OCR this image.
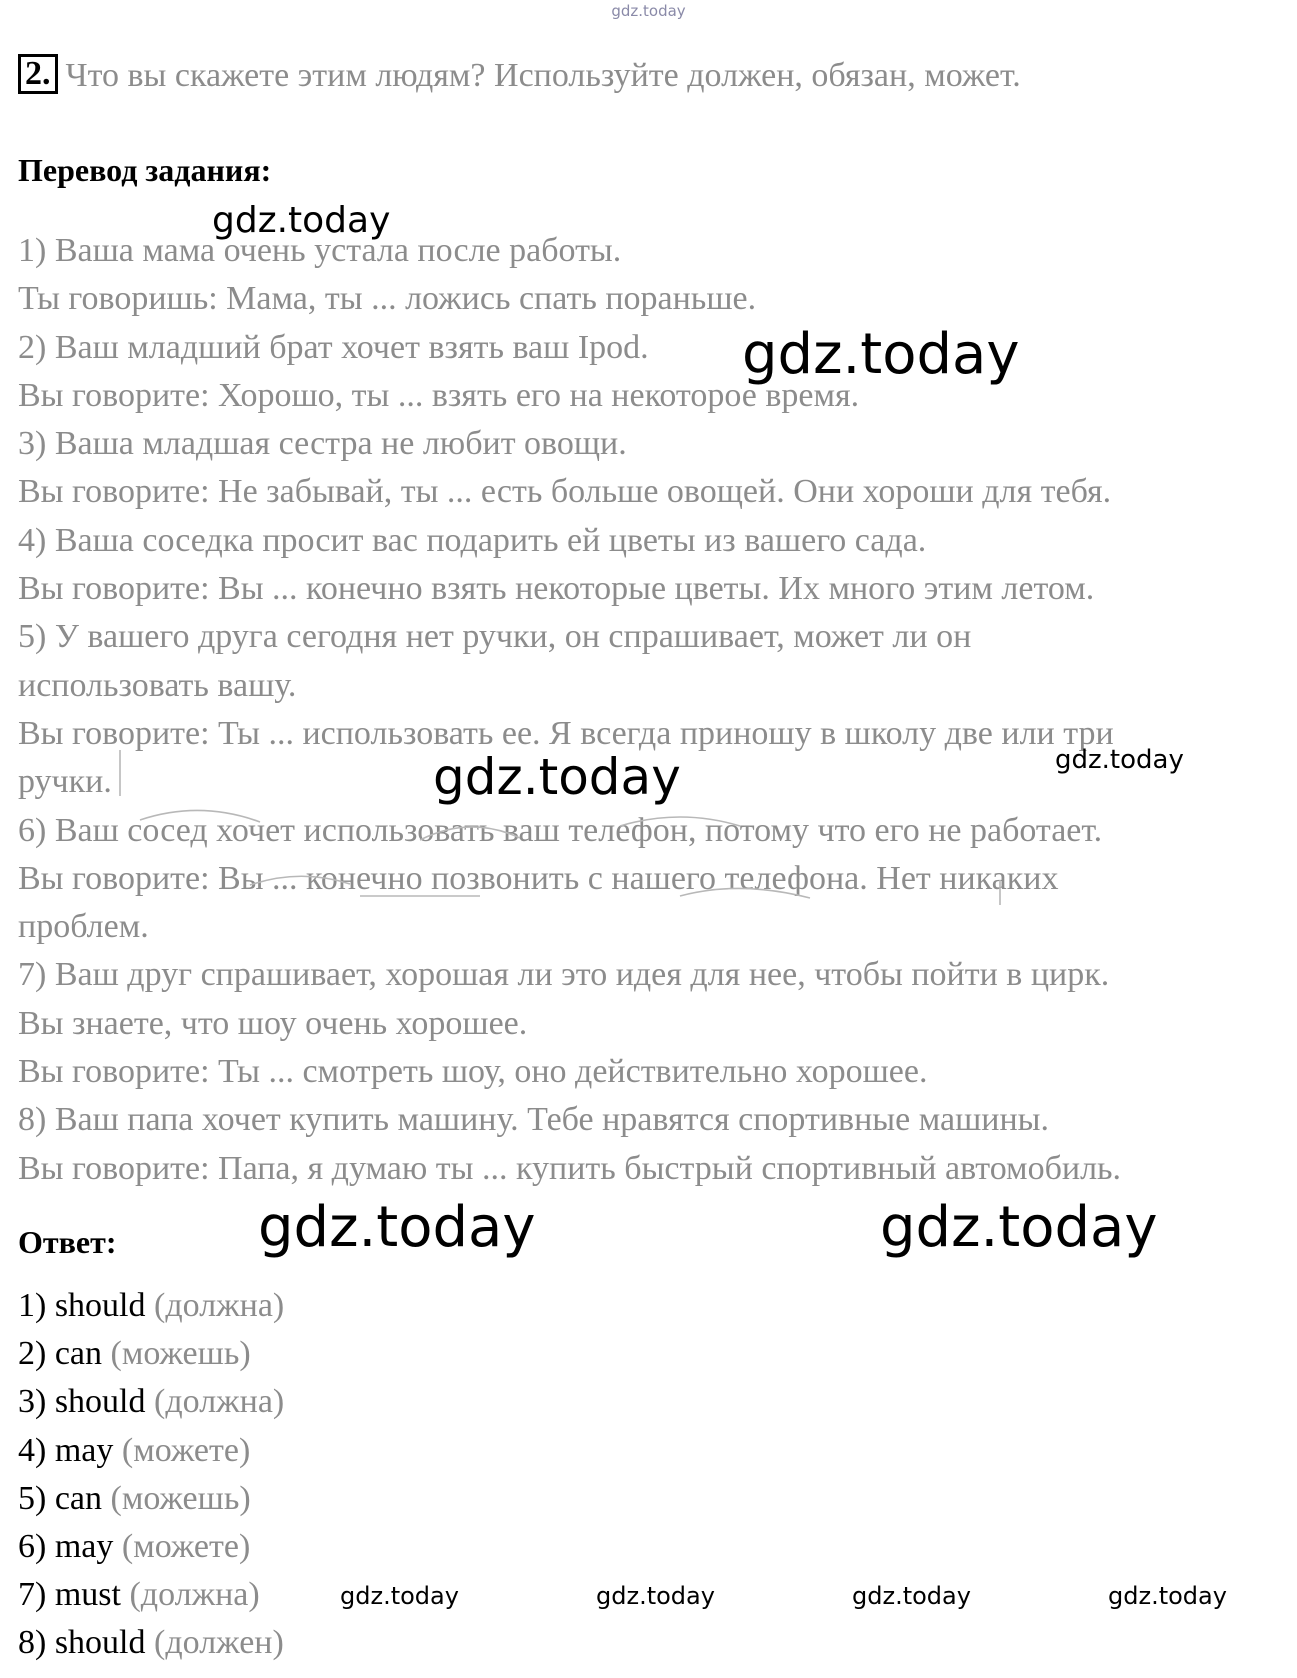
gdz.today
2. Что вы скажете этим людям? Используйте должен, обязан, может.
Перевод задания:
1) Ваша мама очень устала после работы.
Ты говоришь: Мама, ты ... ложись спать пораньше.
2) Ваш младший брат хочет взять ваш Ipod.
Вы говорите: Хорошо, ты ... взять его на некоторое время.
3) Ваша младшая сестра не любит овощи.
Вы говорите: Не забывай, ты ... есть больше овощей. Они хороши для тебя.
4) Ваша соседка просит вас подарить ей цветы из вашего сада.
Вы говорите: Вы ... конечно взять некоторые цветы. Их много этим летом.
5) У вашего друга сегодня нет ручки, он спрашивает, может ли он
использовать вашу.
Вы говорите: Ты ... использовать ее. Я всегда приношу в школу две или три
ручки.
6) Ваш сосед хочет использовать ваш телефон, потому что его не работает.
Вы говорите: Вы ... конечно позвонить с нашего телефона. Нет никаких
проблем.
7) Ваш друг спрашивает, хорошая ли это идея для нее, чтобы пойти в цирк.
Вы знаете, что шоу очень хорошее.
Вы говорите: Ты ... смотреть шоу, оно действительно хорошее.
8) Ваш папа хочет купить машину. Тебе нравятся спортивные машины.
Вы говорите: Папа, я думаю ты ... купить быстрый спортивный автомобиль.
Ответ:
1) should (должна)
2) can (можешь)
3) should (должна)
4) may (можете)
5) can (можешь)
6) may (можете)
7) must (должна)
8) should (должен)
gdz.today
gdz.today
gdz.today	gdz.today
gdz.today	gdz.today
gdz.today	gdz.today	gdz.today	gdz.today
